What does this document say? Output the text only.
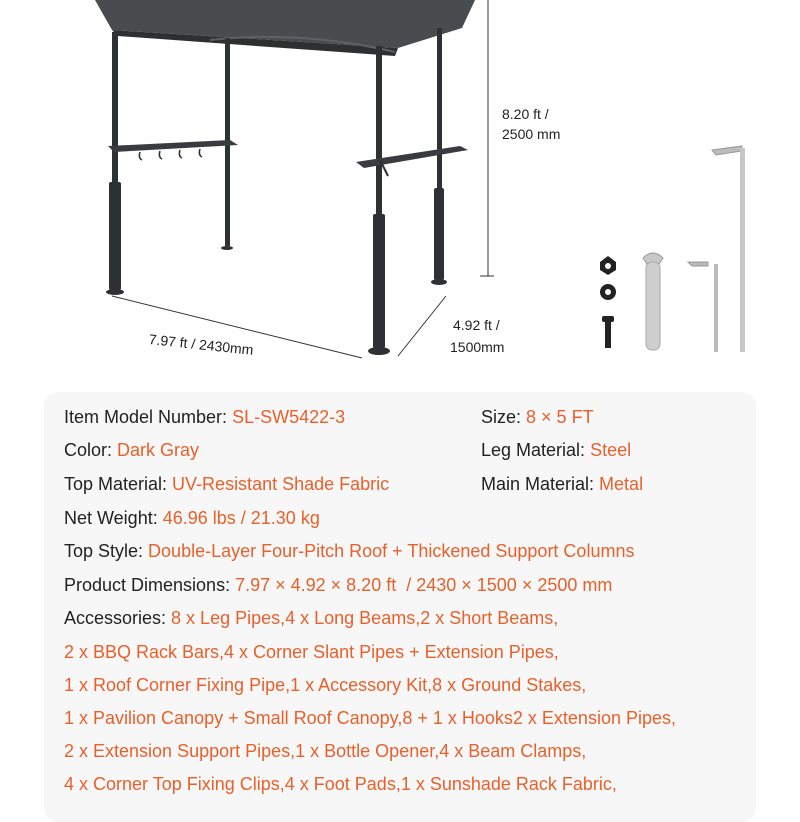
8.20 ft /
2500 mm
7.97 ft / 2430mm
4.92 ft /
1500mm
Item Model Number: SL-SW5422-3	Size: 8 × 5 FT
Color: Dark Gray	Leg Material: Steel
Top Material: UV-Resistant Shade Fabric	Main Material: Metal
Net Weight: 46.96 lbs / 21.30 kg
Top Style: Double-Layer Four-Pitch Roof + Thickened Support Columns
Product Dimensions: 7.97 × 4.92 × 8.20 ft  / 2430 × 1500 × 2500 mm
Accessories: 8 x Leg Pipes,4 x Long Beams,2 x Short Beams,
2 x BBQ Rack Bars,4 x Corner Slant Pipes + Extension Pipes,
1 x Roof Corner Fixing Pipe,1 x Accessory Kit,8 x Ground Stakes,
1 x Pavilion Canopy + Small Roof Canopy,8 + 1 x Hooks2 x Extension Pipes,
2 x Extension Support Pipes,1 x Bottle Opener,4 x Beam Clamps,
4 x Corner Top Fixing Clips,4 x Foot Pads,1 x Sunshade Rack Fabric,
